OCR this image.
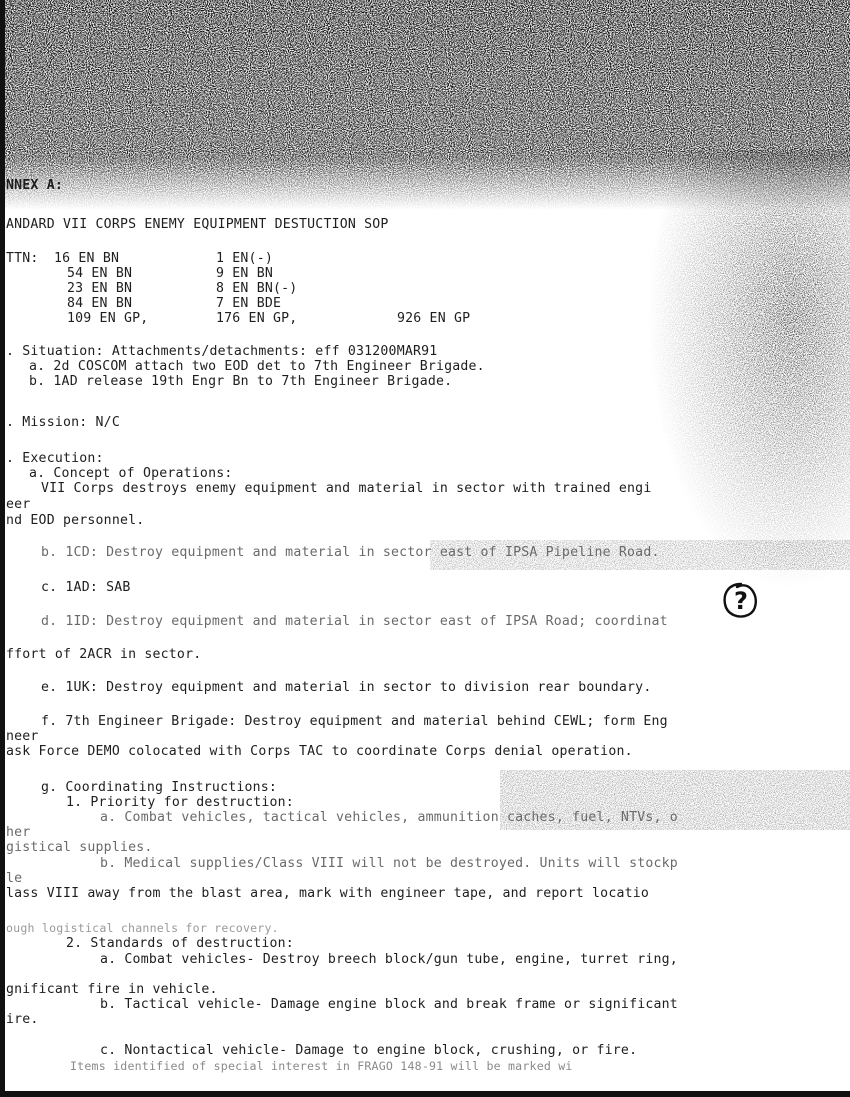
NNEX A:
ANDARD VII CORPS ENEMY EQUIPMENT DESTUCTION SOP
TTN: 16 EN BN	1 EN(-)
54 EN BN	9 EN BN
23 EN BN	8 EN BN(-)
84 EN BN	7 EN BDE
109 EN GP,	176 EN GP,	926 EN GP
. Situation: Attachments/detachments: eff 031200MAR91
a. 2d COSCOM attach two EOD det to 7th Engineer Brigade.
b. 1AD release 19th Engr Bn to 7th Engineer Brigade.
. Mission: N/C
. Execution:
a. Concept of Operations:
VII Corps destroys enemy equipment and material in sector with trained engi
eer
nd EOD personnel.
b. 1CD: Destroy equipment and material in sector east of IPSA Pipeline Road.
c. 1AD: SAB
d. 1ID: Destroy equipment and material in sector east of IPSA Road; coordinat
ffort of 2ACR in sector.
e. 1UK: Destroy equipment and material in sector to division rear boundary.
f. 7th Engineer Brigade: Destroy equipment and material behind CEWL; form Eng
neer
ask Force DEMO colocated with Corps TAC to coordinate Corps denial operation.
g. Coordinating Instructions:
1. Priority for destruction:
a. Combat vehicles, tactical vehicles, ammunition caches, fuel, NTVs, o
her
gistical supplies.
b. Medical supplies/Class VIII will not be destroyed. Units will stockp
le
lass VIII away from the blast area, mark with engineer tape, and report locatio
ough logistical channels for recovery.
2. Standards of destruction:
a. Combat vehicles- Destroy breech block/gun tube, engine, turret ring,
gnificant fire in vehicle.
b. Tactical vehicle- Damage engine block and break frame or significant
ire.
c. Nontactical vehicle- Damage to engine block, crushing, or fire.
Items identified of special interest in FRAGO 148-91 will be marked wi
?
